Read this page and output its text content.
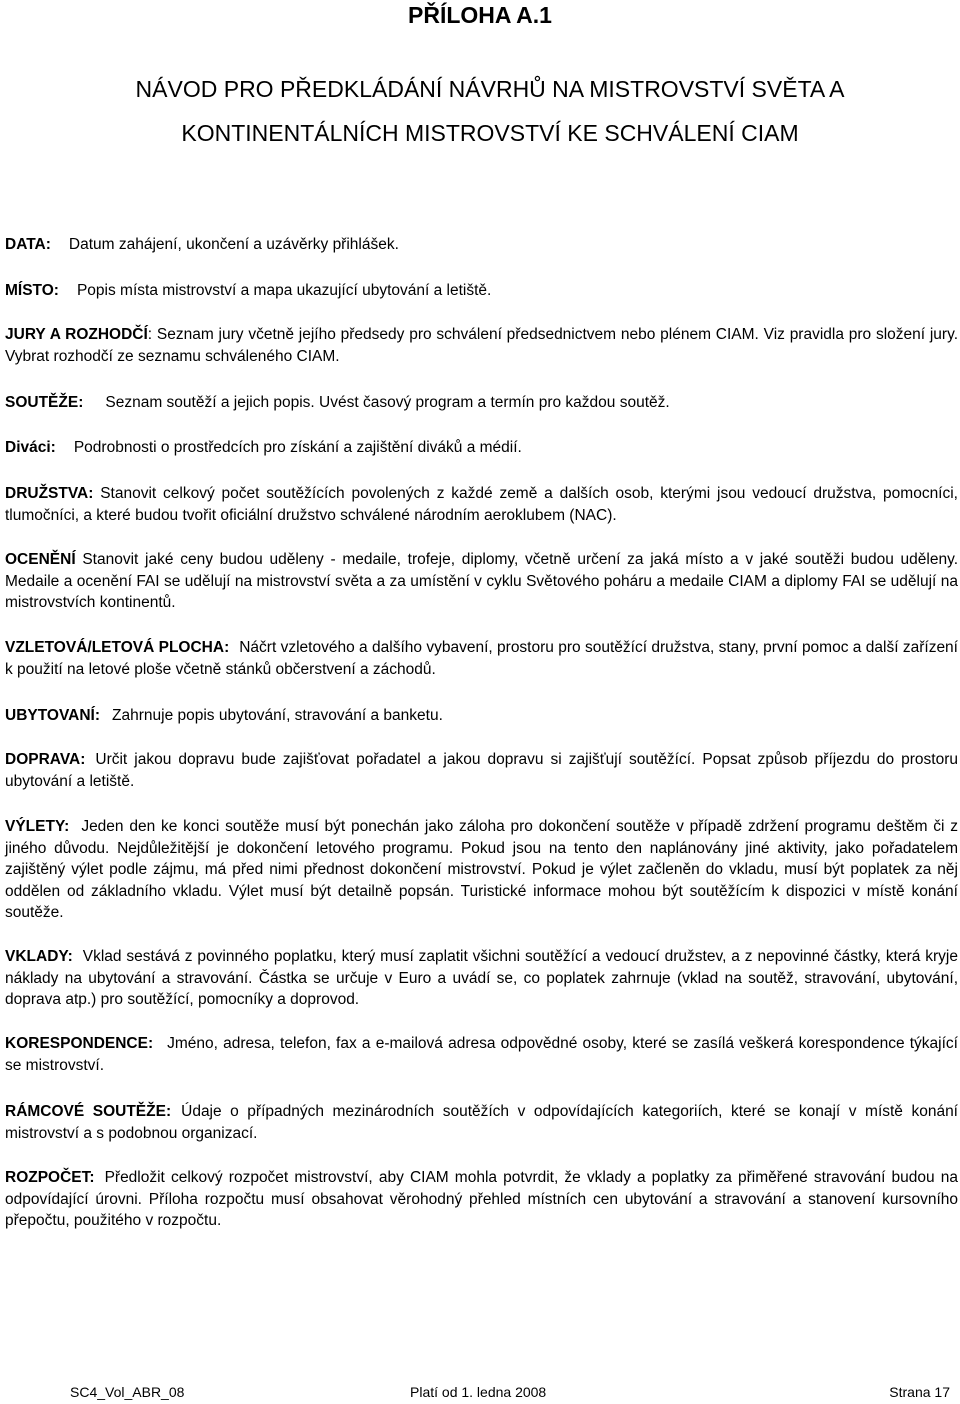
PŘÍLOHA A.1
NÁVOD PRO PŘEDKLÁDÁNÍ NÁVRHŮ NA MISTROVSTVÍ SVĚTA A
KONTINENTÁLNÍCH MISTROVSTVÍ KE SCHVÁLENÍ CIAM
DATA: Datum zahájení, ukončení a uzávěrky přihlášek.
MÍSTO: Popis místa mistrovství a mapa ukazující ubytování a letiště.
JURY A ROZHODČÍ: Seznam jury včetně jejího předsedy pro schválení předsednictvem nebo plénem CIAM. Viz pravidla pro složení jury. Vybrat rozhodčí ze seznamu schváleného CIAM.
SOUTĚŽE: Seznam soutěží a jejich popis. Uvést časový program a termín pro každou soutěž.
Diváci: Podrobnosti o prostředcích pro získání a zajištění diváků a médií.
DRUŽSTVA: Stanovit celkový počet soutěžících povolených z každé země a dalších osob, kterými jsou vedoucí družstva, pomocníci, tlumočníci, a které budou tvořit oficiální družstvo schválené národním aeroklubem (NAC).
OCENĚNÍ Stanovit jaké ceny budou uděleny - medaile, trofeje, diplomy, včetně určení za jaká místo a v jaké soutěži budou uděleny. Medaile a ocenění FAI se udělují na mistrovství světa a za umístění v cyklu Světového poháru a medaile CIAM a diplomy FAI se udělují na mistrovstvích kontinentů.
VZLETOVÁ/LETOVÁ PLOCHA: Náčrt vzletového a dalšího vybavení, prostoru pro soutěžící družstva, stany, první pomoc a další zařízení k použití na letové ploše včetně stánků občerstvení a záchodů.
UBYTOVANÍ: Zahrnuje popis ubytování, stravování a banketu.
DOPRAVA: Určit jakou dopravu bude zajišťovat pořadatel a jakou dopravu si zajišťují soutěžící. Popsat způsob příjezdu do prostoru ubytování a letiště.
VÝLETY: Jeden den ke konci soutěže musí být ponechán jako záloha pro dokončení soutěže v případě zdržení programu deštěm či z jiného důvodu. Nejdůležitější je dokončení letového programu. Pokud jsou na tento den naplánovány jiné aktivity, jako pořadatelem zajištěný výlet podle zájmu, má před nimi přednost dokončení mistrovství. Pokud je výlet začleněn do vkladu, musí být poplatek za něj oddělen od základního vkladu. Výlet musí být detailně popsán. Turistické informace mohou být soutěžícím k dispozici v místě konání soutěže.
VKLADY: Vklad sestává z povinného poplatku, který musí zaplatit všichni soutěžící a vedoucí družstev, a z nepovinné částky, která kryje náklady na ubytování a stravování. Částka se určuje v Euro a uvádí se, co poplatek zahrnuje (vklad na soutěž, stravování, ubytování, doprava atp.) pro soutěžící, pomocníky a doprovod.
KORESPONDENCE: Jméno, adresa, telefon, fax a e-mailová adresa odpovědné osoby, které se zasílá veškerá korespondence týkající se mistrovství.
RÁMCOVÉ SOUTĚŽE: Údaje o případných mezinárodních soutěžích v odpovídajících kategoriích, které se konají v místě konání mistrovství a s podobnou organizací.
ROZPOČET: Předložit celkový rozpočet mistrovství, aby CIAM mohla potvrdit, že vklady a poplatky za přiměřené stravování budou na odpovídající úrovni. Příloha rozpočtu musí obsahovat věrohodný přehled místních cen ubytování a stravování a stanovení kursovního přepočtu, použitého v rozpočtu.
SC4_Vol_ABR_08	Platí od 1. ledna 2008	Strana 17
